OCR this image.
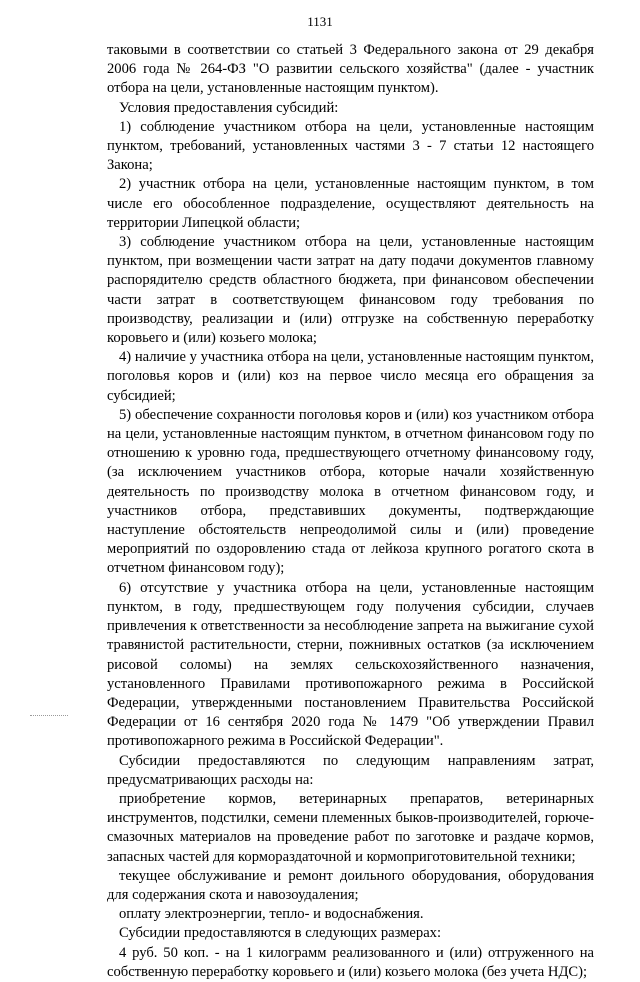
1131

таковыми в соответствии со статьей 3 Федерального закона от 29 декабря 2006 года № 264-ФЗ "О развитии сельского хозяйства" (далее - участник отбора на цели, установленные настоящим пунктом).

Условия предоставления субсидий:

1) соблюдение участником отбора на цели, установленные настоящим пунктом, требований, установленных частями 3 - 7 статьи 12 настоящего Закона;

2) участник отбора на цели, установленные настоящим пунктом, в том числе его обособленное подразделение, осуществляют деятельность на территории Липецкой области;

3) соблюдение участником отбора на цели, установленные настоящим пунктом, при возмещении части затрат на дату подачи документов главному распорядителю средств областного бюджета, при финансовом обеспечении части затрат в соответствующем финансовом году требования по производству, реализации и (или) отгрузке на собственную переработку коровьего и (или) козьего молока;

4) наличие у участника отбора на цели, установленные настоящим пунктом, поголовья коров и (или) коз на первое число месяца его обращения за субсидией;

5) обеспечение сохранности поголовья коров и (или) коз участником отбора на цели, установленные настоящим пунктом, в отчетном финансовом году по отношению к уровню года, предшествующего отчетному финансовому году, (за исключением участников отбора, которые начали хозяйственную деятельность по производству молока в отчетном финансовом году, и участников отбора, представивших документы, подтверждающие наступление обстоятельств непреодолимой силы и (или) проведение мероприятий по оздоровлению стада от лейкоза крупного рогатого скота в отчетном финансовом году);

6) отсутствие у участника отбора на цели, установленные настоящим пунктом, в году, предшествующем году получения субсидии, случаев привлечения к ответственности за несоблюдение запрета на выжигание сухой травянистой растительности, стерни, пожнивных остатков (за исключением рисовой соломы) на землях сельскохозяйственного назначения, установленного Правилами противопожарного режима в Российской Федерации, утвержденными постановлением Правительства Российской Федерации от 16 сентября 2020 года № 1479 "Об утверждении Правил противопожарного режима в Российской Федерации".

Субсидии предоставляются по следующим направлениям затрат, предусматривающих расходы на:

приобретение кормов, ветеринарных препаратов, ветеринарных инструментов, подстилки, семени племенных быков-производителей, горюче-смазочных материалов на проведение работ по заготовке и раздаче кормов, запасных частей для кормораздаточной и кормоприготовительной техники;

текущее обслуживание и ремонт доильного оборудования, оборудования для содержания скота и навозоудаления;

оплату электроэнергии, тепло- и водоснабжения.

Субсидии предоставляются в следующих размерах:

4 руб. 50 коп. - на 1 килограмм реализованного и (или) отгруженного на собственную переработку коровьего и (или) козьего молока (без учета НДС);
